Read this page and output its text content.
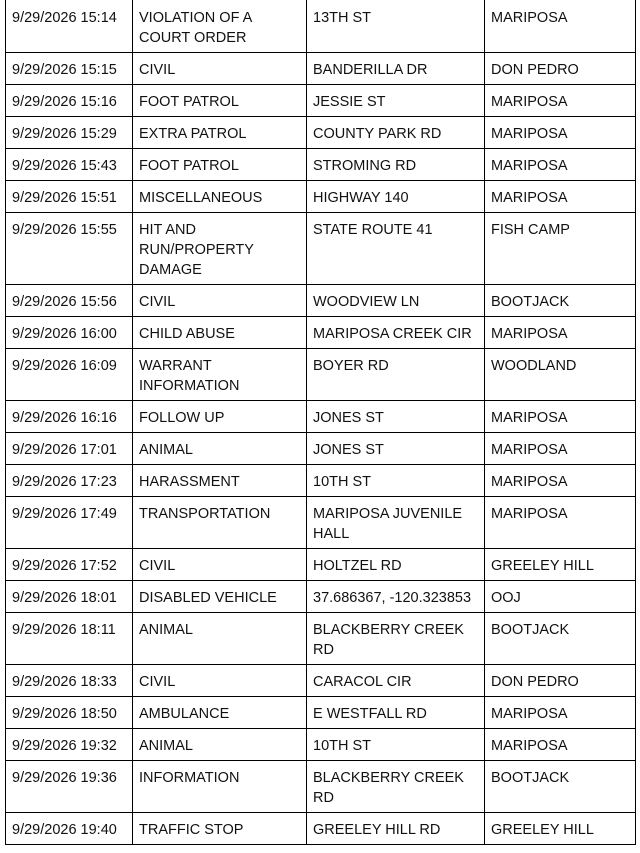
9/29/2026 15:14	VIOLATION OF A COURT ORDER	13TH ST	MARIPOSA
9/29/2026 15:15	CIVIL	BANDERILLA DR	DON PEDRO
9/29/2026 15:16	FOOT PATROL	JESSIE ST	MARIPOSA
9/29/2026 15:29	EXTRA PATROL	COUNTY PARK RD	MARIPOSA
9/29/2026 15:43	FOOT PATROL	STROMING RD	MARIPOSA
9/29/2026 15:51	MISCELLANEOUS	HIGHWAY 140	MARIPOSA
9/29/2026 15:55	HIT AND RUN/PROPERTY DAMAGE	STATE ROUTE 41	FISH CAMP
9/29/2026 15:56	CIVIL	WOODVIEW LN	BOOTJACK
9/29/2026 16:00	CHILD ABUSE	MARIPOSA CREEK CIR	MARIPOSA
9/29/2026 16:09	WARRANT INFORMATION	BOYER RD	WOODLAND
9/29/2026 16:16	FOLLOW UP	JONES ST	MARIPOSA
9/29/2026 17:01	ANIMAL	JONES ST	MARIPOSA
9/29/2026 17:23	HARASSMENT	10TH ST	MARIPOSA
9/29/2026 17:49	TRANSPORTATION	MARIPOSA JUVENILE HALL	MARIPOSA
9/29/2026 17:52	CIVIL	HOLTZEL RD	GREELEY HILL
9/29/2026 18:01	DISABLED VEHICLE	37.686367, -120.323853	OOJ
9/29/2026 18:11	ANIMAL	BLACKBERRY CREEK RD	BOOTJACK
9/29/2026 18:33	CIVIL	CARACOL CIR	DON PEDRO
9/29/2026 18:50	AMBULANCE	E WESTFALL RD	MARIPOSA
9/29/2026 19:32	ANIMAL	10TH ST	MARIPOSA
9/29/2026 19:36	INFORMATION	BLACKBERRY CREEK RD	BOOTJACK
9/29/2026 19:40	TRAFFIC STOP	GREELEY HILL RD	GREELEY HILL
